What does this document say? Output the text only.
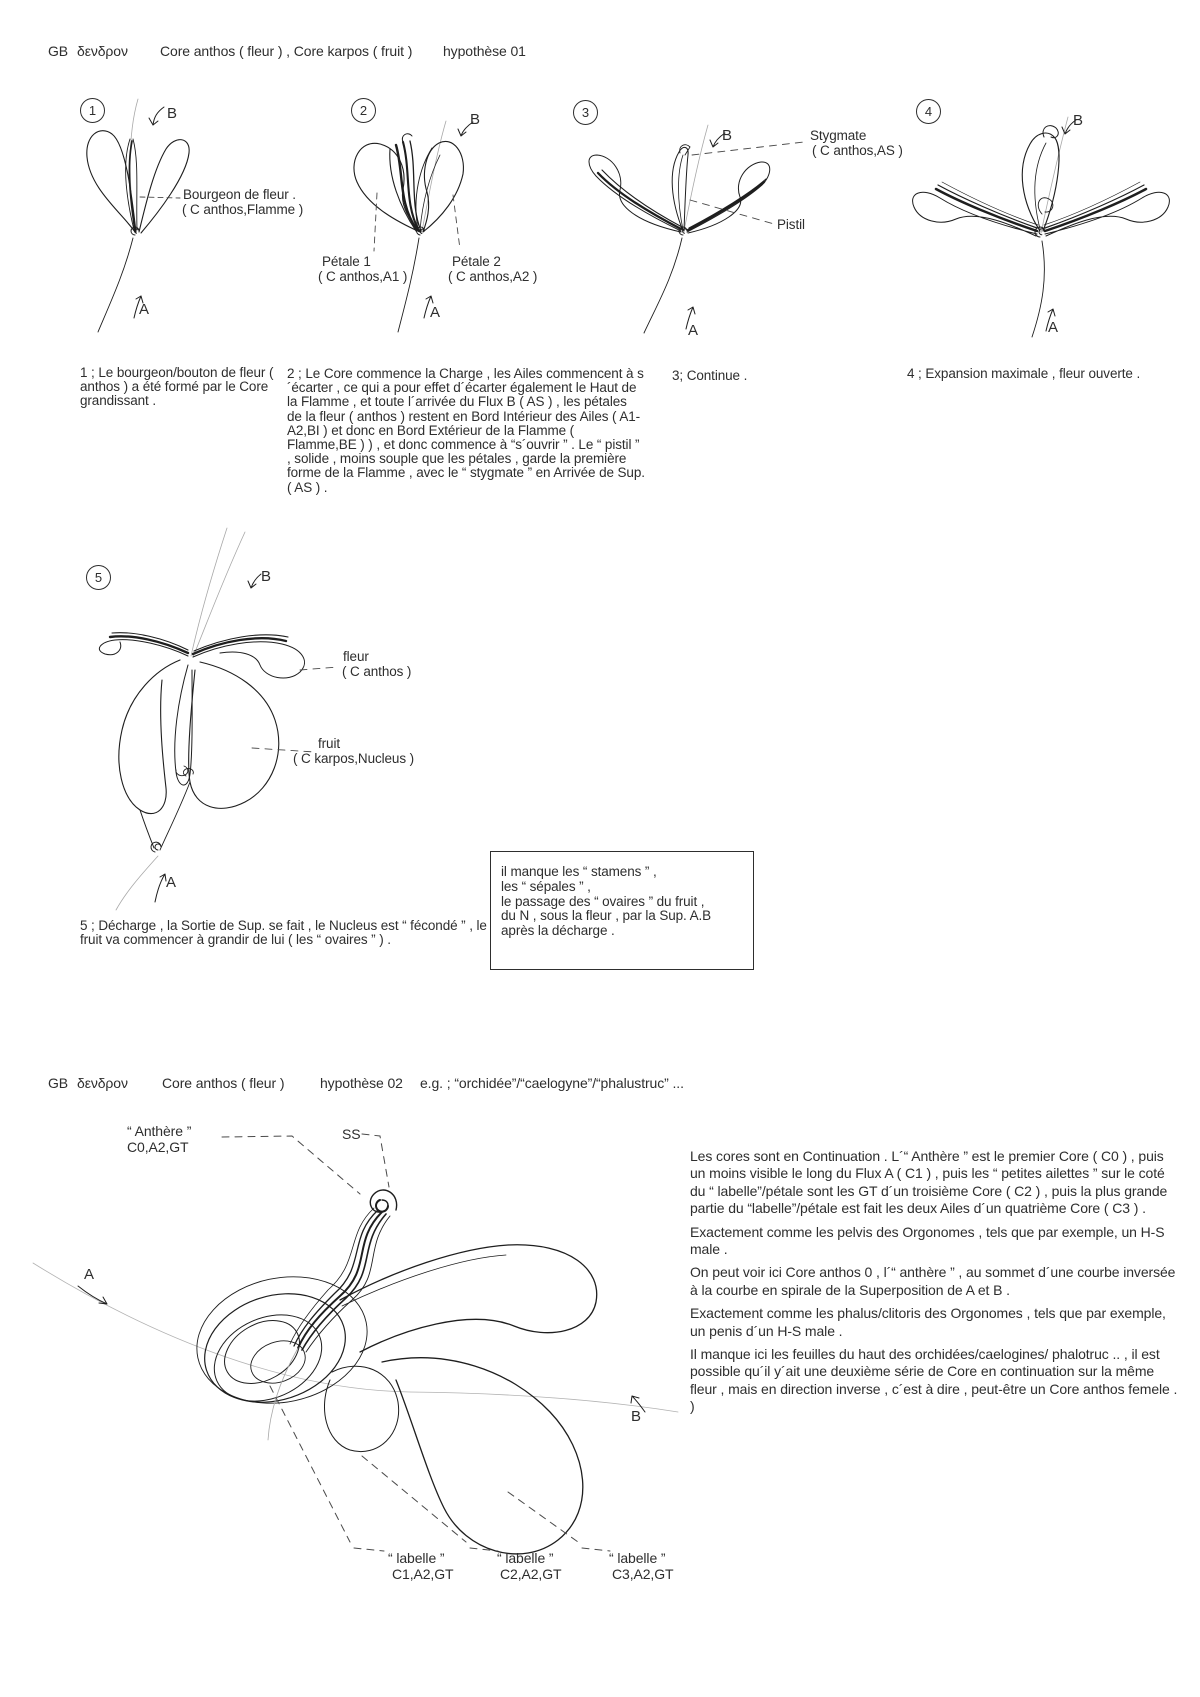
GB δενδρον Core anthos ( fleur ) , Core karpos ( fruit ) hypothèse 01
1	B
A
Bourgeon de fleur .
( C anthos,Flamme )
1 ; Le bourgeon/bouton de fleur ( anthos ) a été formé par le Core grandissant .
2
B
A
Pétale 1
( C anthos,A1 )
Pétale 2
( C anthos,A2 )
2 ; Le Core commence la Charge , les Ailes commencent à s´écarter , ce qui a pour effet d´écarter également le Haut de la Flamme , et toute l´arrivée du Flux B ( AS ) , les pétales de la fleur ( anthos ) restent en Bord Intérieur des Ailes ( A1-A2,BI ) et donc en Bord Extérieur de la Flamme ( Flamme,BE ) ) , et donc commence à “s´ouvrir ” . Le “ pistil ” , solide , moins souple que les pétales , garde la première forme de la Flamme , avec le “ stygmate ” en Arrivée de Sup. ( AS ) .
3
B
A
Stygmate
( C anthos,AS )
Pistil
3; Continue .
4
B
A
4 ; Expansion maximale , fleur ouverte .
5	B
A
fleur
( C anthos )
fruit
( C karpos,Nucleus )
5 ; Décharge , la Sortie de Sup. se fait , le Nucleus est “ fécondé ” , le fruit va commencer à grandir de lui ( les “ ovaires ” ) .
il manque les “ stamens ” ,
les “ sépales ” ,
le passage des “ ovaires ” du fruit ,
du N , sous la fleur , par la Sup. A.B
après la décharge .
GB δενδρον Core anthos ( fleur )	hypothèse 02 e.g. ; “orchidée”/“caelogyne”/“phalustruc” ...
A
B
“ Anthère ”
C0,A2,GT
SS
“ labelle ”
C1,A2,GT
“ labelle ”
C2,A2,GT
“ labelle ”
C3,A2,GT

Les cores sont en Continuation . L´“ Anthère ” est le premier Core ( C0 ) , puis un moins visible le long du Flux A ( C1 ) , puis les “ petites ailettes ” sur le coté du “ labelle”/pétale sont les GT d´un troisième Core ( C2 ) , puis la plus grande partie du “labelle”/pétale est fait les deux Ailes d´un quatrième Core ( C3 ) .

Exactement comme les pelvis des Orgonomes , tels que par exemple, un H-S male .

On peut voir ici Core anthos 0 , l´“ anthère ” , au sommet d´une courbe inversée à la courbe en spirale de la Superposition de A et B .

Exactement comme les phalus/clitoris des Orgonomes , tels que par exemple, un penis d´un H-S male .

Il manque ici les feuilles du haut des orchidées/caelogines/ phalotruc .. , il est possible qu´il y´ait une deuxième série de Core en continuation sur la même fleur , mais en direction inverse , c´est à dire , peut-être un Core anthos femele . )
